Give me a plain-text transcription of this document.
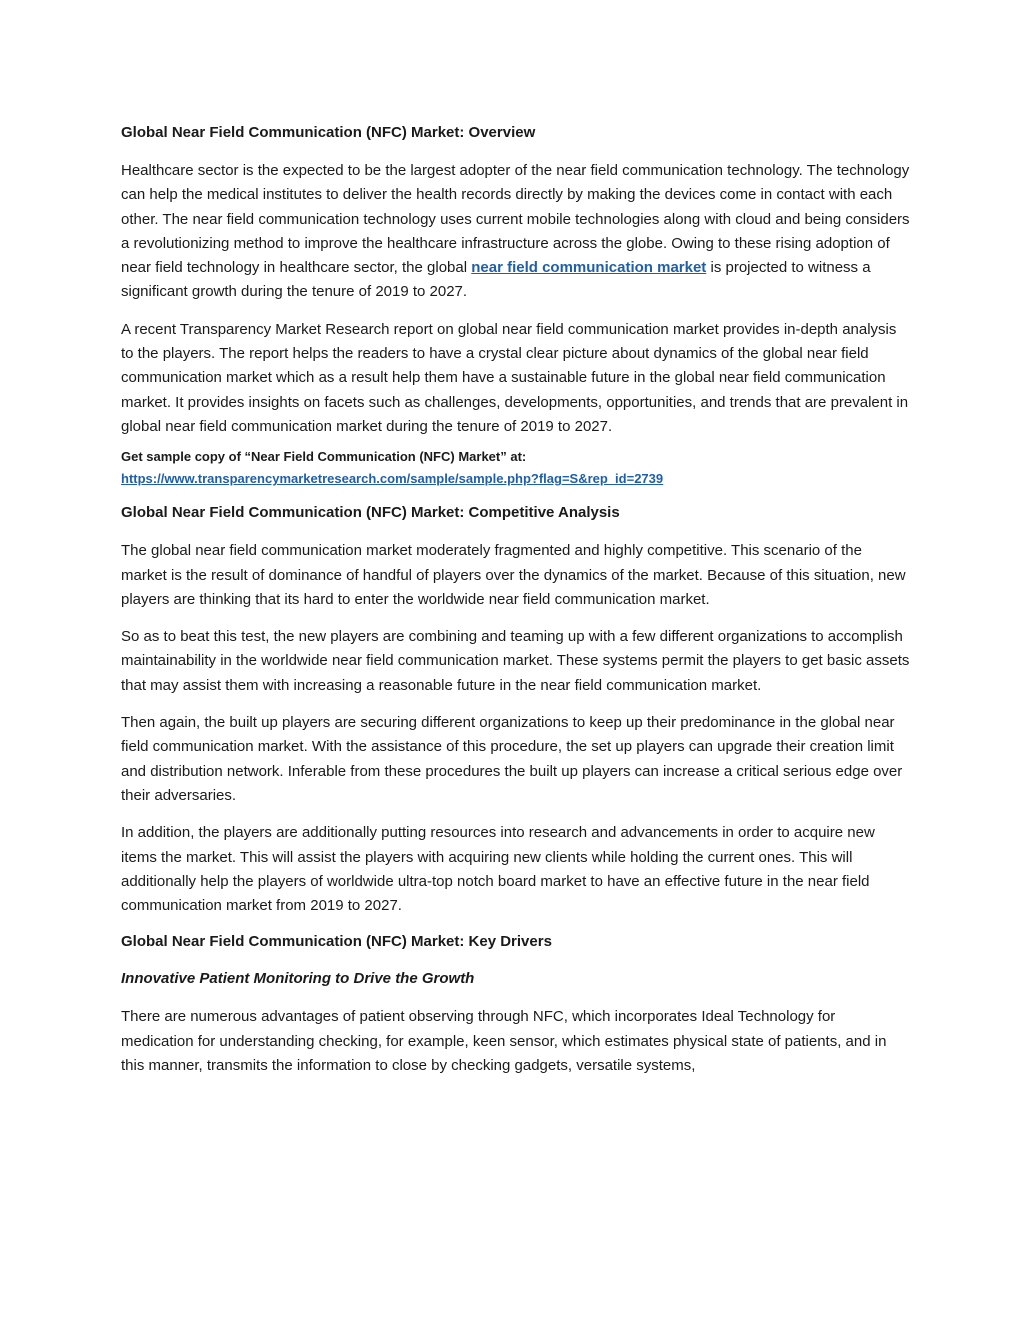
Global Near Field Communication (NFC) Market: Overview

Healthcare sector is the expected to be the largest adopter of the near field communication technology. The technology can help the medical institutes to deliver the health records directly by making the devices come in contact with each other. The near field communication technology uses current mobile technologies along with cloud and being considers a revolutionizing method to improve the healthcare infrastructure across the globe. Owing to these rising adoption of near field technology in healthcare sector, the global near field communication market is projected to witness a significant growth during the tenure of 2019 to 2027.

A recent Transparency Market Research report on global near field communication market provides in-depth analysis to the players. The report helps the readers to have a crystal clear picture about dynamics of the global near field communication market which as a result help them have a sustainable future in the global near field communication market. It provides insights on facets such as challenges, developments, opportunities, and trends that are prevalent in global near field communication market during the tenure of 2019 to 2027.

Get sample copy of “Near Field Communication (NFC) Market” at:
https://www.transparencymarketresearch.com/sample/sample.php?flag=S&rep_id=2739

Global Near Field Communication (NFC) Market: Competitive Analysis

The global near field communication market moderately fragmented and highly competitive. This scenario of the market is the result of dominance of handful of players over the dynamics of the market. Because of this situation, new players are thinking that its hard to enter the worldwide near field communication market.

So as to beat this test, the new players are combining and teaming up with a few different organizations to accomplish maintainability in the worldwide near field communication market. These systems permit the players to get basic assets that may assist them with increasing a reasonable future in the near field communication market.

Then again, the built up players are securing different organizations to keep up their predominance in the global near field communication market. With the assistance of this procedure, the set up players can upgrade their creation limit and distribution network. Inferable from these procedures the built up players can increase a critical serious edge over their adversaries.

In addition, the players are additionally putting resources into research and advancements in order to acquire new items the market. This will assist the players with acquiring new clients while holding the current ones. This will additionally help the players of worldwide ultra-top notch board market to have an effective future in the near field communication market from 2019 to 2027.

Global Near Field Communication (NFC) Market: Key Drivers

Innovative Patient Monitoring to Drive the Growth

There are numerous advantages of patient observing through NFC, which incorporates Ideal Technology for medication for understanding checking, for example, keen sensor, which estimates physical state of patients, and in this manner, transmits the information to close by checking gadgets, versatile systems,
